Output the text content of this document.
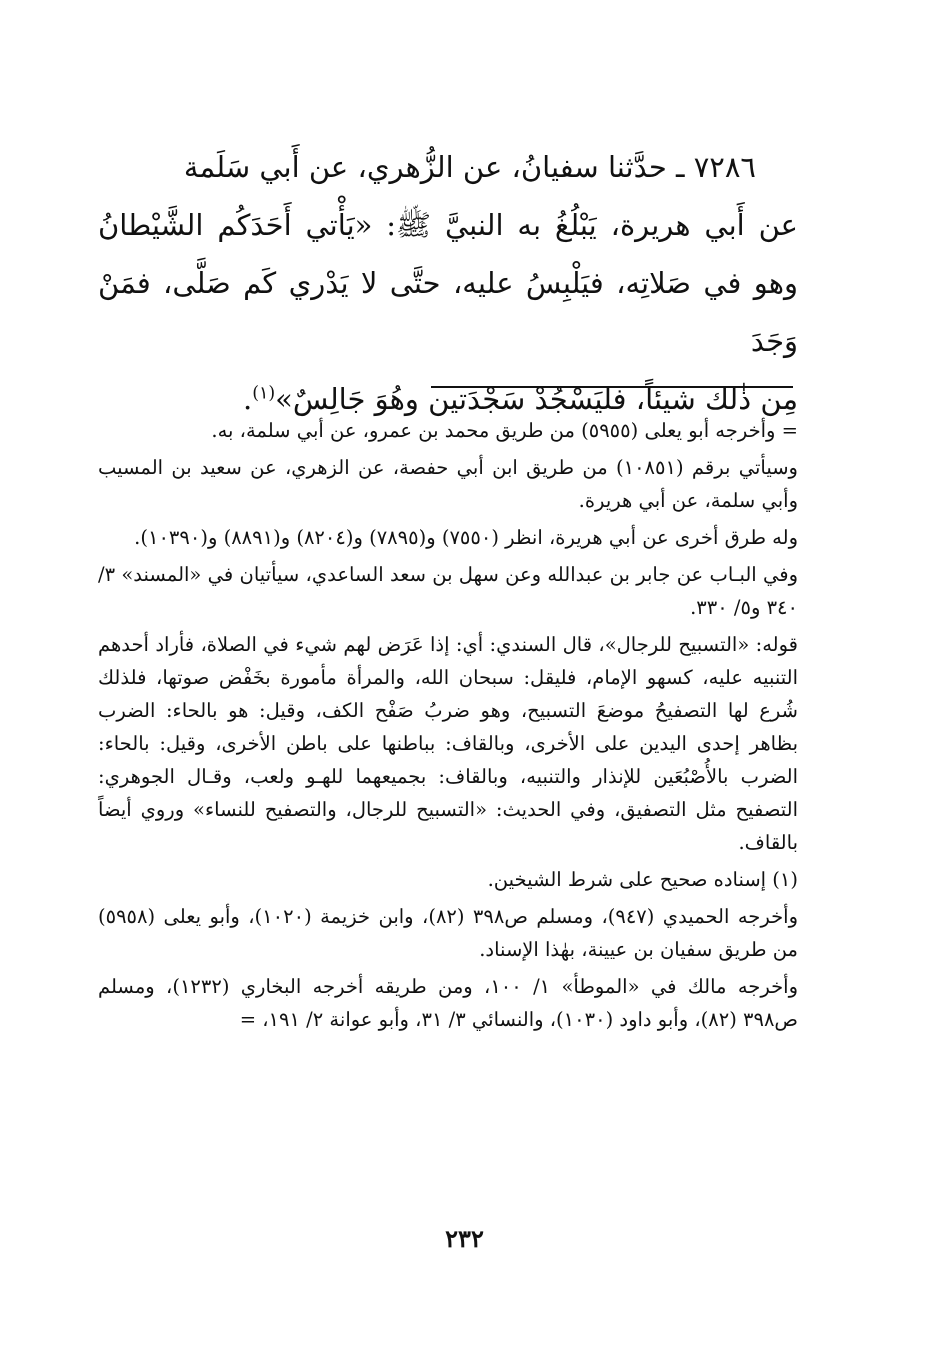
٧٢٨٦ ـ حدَّثنا سفيانُ، عن الزُّهري، عن أَبي سَلَمة

عن أَبي هريرة، يَبْلُغُ به النبيَّ ﷺ: «يَأْتي أَحَدَكُم الشَّيْطانُ

وهو في صَلاتِه، فيَلْبِسُ عليه، حتَّى لا يَدْري كَم صَلَّى، فمَنْ وَجَدَ

مِن ذٰلك شيئاً، فليَسْجُدْ سَجْدَتين وهُوَ جَالِسٌ»$^{(١)}$.

= وأخرجه أبو يعلى (٥٩٥٥) من طريق محمد بن عمرو، عن أبي سلمة، به.

وسيأتي برقم (١٠٨٥١) من طريق ابن أبي حفصة، عن الزهري، عن سعيد بن المسيب وأبي سلمة، عن أبي هريرة.

وله طرق أخرى عن أبي هريرة، انظر (٧٥٥٠) و(٧٨٩٥) و(٨٢٠٤) و(٨٨٩١) و(١٠٣٩٠).

وفي البـاب عن جابر بن عبدالله وعن سهل بن سعد الساعدي، سيأتيان في «المسند» ٣/ ٣٤٠ و٥/ ٣٣٠.

قوله: «التسبيح للرجال»، قال السندي: أي: إذا عَرَض لهم شيء في الصلاة، فأراد أحدهم التنبيه عليه، كسهو الإمام، فليقل: سبحان الله، والمرأة مأمورة بخَفْض صوتها، فلذلك شُرع لها التصفيحُ موضعَ التسبيح، وهو ضربُ صَفْح الكف، وقيل: هو بالحاء: الضرب بظاهر إحدى اليدين على الأخرى، وبالقاف: بباطنها على باطن الأخرى، وقيل: بالحاء: الضرب بالأُصْبُعَين للإنذار والتنبيه، وبالقاف: بجميعهما للهـو ولعب، وقـال الجوهري: التصفيح مثل التصفيق، وفي الحديث: «التسبيح للرجال، والتصفيح للنساء» وروي أيضاً بالقاف.

(١) إسناده صحيح على شرط الشيخين.

وأخرجه الحميدي (٩٤٧)، ومسلم ص٣٩٨ (٨٢)، وابن خزيمة (١٠٢٠)، وأبو يعلى (٥٩٥٨) من طريق سفيان بن عيينة، بهٰذا الإسناد.

وأخرجه مالك في «الموطأ» ١/ ١٠٠، ومن طريقه أخرجه البخاري (١٢٣٢)، ومسلم ص٣٩٨ (٨٢)، وأبو داود (١٠٣٠)، والنسائي ٣/ ٣١، وأبو عوانة ٢/ ١٩١، =

٢٣٢
